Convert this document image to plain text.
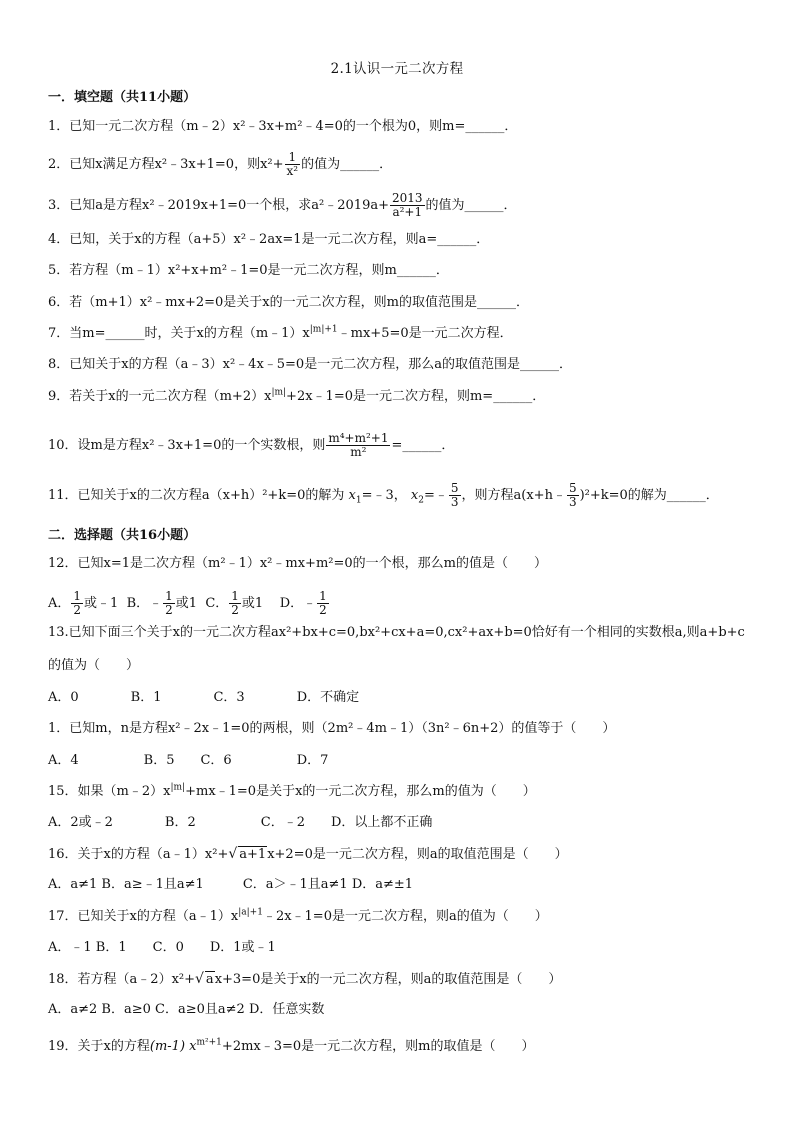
2.1认识一元二次方程
一．填空题（共11小题）
1．已知一元二次方程（m﹣2）x²﹣3x+m²﹣4=0的一个根为0，则m=______．
2．已知x满足方程x²﹣3x+1=0，则$x^2+ \frac{1}{\text{x²}}$ 的值为______．
3．已知a是方程x²﹣2019x+1=0一个根，求a²﹣2019a+ $\frac{2013}{\text{a²+1}}$ 的值为______．
4．已知，关于x的方程（a+5）x²﹣2ax=1是一元二次方程，则a=______．
5．若方程（m﹣1）x²+x+m²﹣1=0是一元二次方程，则m______．
6．若（m+1）x²﹣mx+2=0是关于x的一元二次方程，则m的取值范围是______．
7．当m=______时，关于x的方程$(m﹣1)x^{|m|+1}﹣mx+5=0$是一元二次方程．
8．已知关于x的方程（a﹣3）x²﹣4x﹣5=0是一元二次方程，那么a的取值范围是______．
9．若关于x的一元二次方程$(m+2)x^{|m|}+2x﹣1=0$是一元二次方程，则m=______．
10．设m是方程x²﹣3x+1=0的一个实数根，则 $\frac{\text{m⁴+m²+1}}{\text{m²}}$ =______．
11．已知关于x的二次方程a（x+h）²+k=0的解为 $x_1=﹣3$， $x_2=﹣ \frac{5}{3}$ ，则方程a(x+h﹣ $\frac{5}{3} )^2+k=0$的解为______．
二．选择题（共16小题）
12．已知x=1是二次方程（m²﹣1）x²﹣mx+m²=0的一个根，那么m的值是（　　）
A． $\frac{1}{2}$ 或﹣1 B．﹣ $\frac{1}{2}$ 或1 C． $\frac{1}{2}$ 或1 D．﹣ $\frac{1}{2}$
13.已知下面三个关于x的一元二次方程ax²+bx+c=0,bx²+cx+a=0,cx²+ax+b=0恰好有一个相同的实数根a,则a+b+c
的值为（　　）
A．0　　　　B．1　　　　C．3　　　　D．不确定
1．已知m，n是方程x²﹣2x﹣1=0的两根，则（2m²﹣4m﹣1）（3n²﹣6n+2）的值等于（　　）
A．4　　　　　B．5　　C．6　　　　　D．7
15．如果$(m﹣2)x^{|m|}+mx﹣1=0$是关于x的一元二次方程，那么m的值为（　　）
A．2或﹣2　　　　B．2　　　　　C．﹣2　　D．以上都不正确
16．关于x的方程（a﹣1）x²+√ a+1x+2=0是一元二次方程，则a的取值范围是（　　）
A．a≠1 B．a≥﹣1且a≠1　　　C．a＞﹣1且a≠1 D．a≠±1
17．已知关于x的方程$(a﹣1)x^{|a|+1}﹣2x﹣1=0$是一元二次方程，则a的值为（　　）
A．﹣1 B．1　　C．0　　D．1或﹣1
18．若方程（a﹣2）x²+√ ax+3=0是关于x的一元二次方程，则a的取值范围是（　　）
A．a≠2 B．a≥0 C．a≥0且a≠2 D．任意实数
19．关于x的方程(m-1) $x^{m^2+1}+2mx﹣3=0$是一元二次方程，则m的取值是（　　）
